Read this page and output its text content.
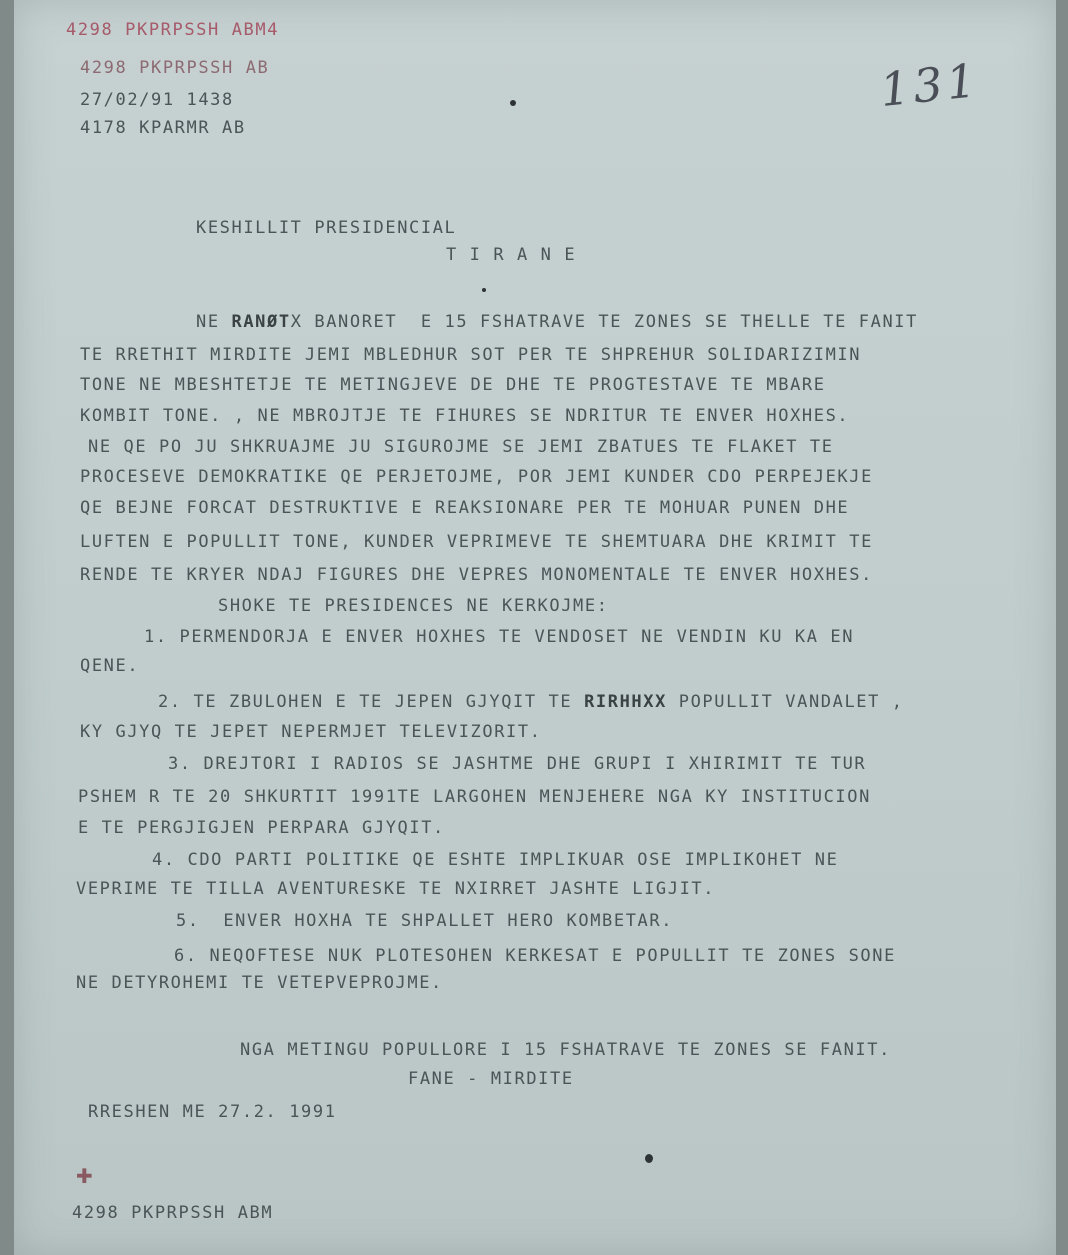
4298 PKPRPSSH ABM4
4298 PKPRPSSH AB
27/02/91 1438
4178 KPARMR AB
131
KESHILLIT PRESIDENCIAL
T I R A N E
NE RANØTX BANORET  E 15 FSHATRAVE TE ZONES SE THELLE TE FANIT
TE RRETHIT MIRDITE JEMI MBLEDHUR SOT PER TE SHPREHUR SOLIDARIZIMIN
TONE NE MBESHTETJE TE METINGJEVE DE DHE TE PROGTESTAVE TE MBARE
KOMBIT TONE. , NE MBROJTJE TE FIHURES SE NDRITUR TE ENVER HOXHES.
NE QE PO JU SHKRUAJME JU SIGUROJME SE JEMI ZBATUES TE FLAKET TE
PROCESEVE DEMOKRATIKE QE PERJETOJME, POR JEMI KUNDER CDO PERPEJEKJE
QE BEJNE FORCAT DESTRUKTIVE E REAKSIONARE PER TE MOHUAR PUNEN DHE
LUFTEN E POPULLIT TONE, KUNDER VEPRIMEVE TE SHEMTUARA DHE KRIMIT TE
RENDE TE KRYER NDAJ FIGURES DHE VEPRES MONOMENTALE TE ENVER HOXHES.
SHOKE TE PRESIDENCES NE KERKOJME:
1. PERMENDORJA E ENVER HOXHES TE VENDOSET NE VENDIN KU KA EN
QENE.
2. TE ZBULOHEN E TE JEPEN GJYQIT TE RIRHHXX POPULLIT VANDALET ,
KY GJYQ TE JEPET NEPERMJET TELEVIZORIT.
3. DREJTORI I RADIOS SE JASHTME DHE GRUPI I XHIRIMIT TE TUR
PSHEM R TE 20 SHKURTIT 1991TE LARGOHEN MENJEHERE NGA KY INSTITUCION
E TE PERGJIGJEN PERPARA GJYQIT.
4. CDO PARTI POLITIKE QE ESHTE IMPLIKUAR OSE IMPLIKOHET NE
VEPRIME TE TILLA AVENTURESKE TE NXIRRET JASHTE LIGJIT.
5.  ENVER HOXHA TE SHPALLET HERO KOMBETAR.
6. NEQOFTESE NUK PLOTESOHEN KERKESAT E POPULLIT TE ZONES SONE
NE DETYROHEMI TE VETEPVEPROJME.
NGA METINGU POPULLORE I 15 FSHATRAVE TE ZONES SE FANIT.
FANE - MIRDITE
RRESHEN ME 27.2. 1991
✚
4298 PKPRPSSH ABM
